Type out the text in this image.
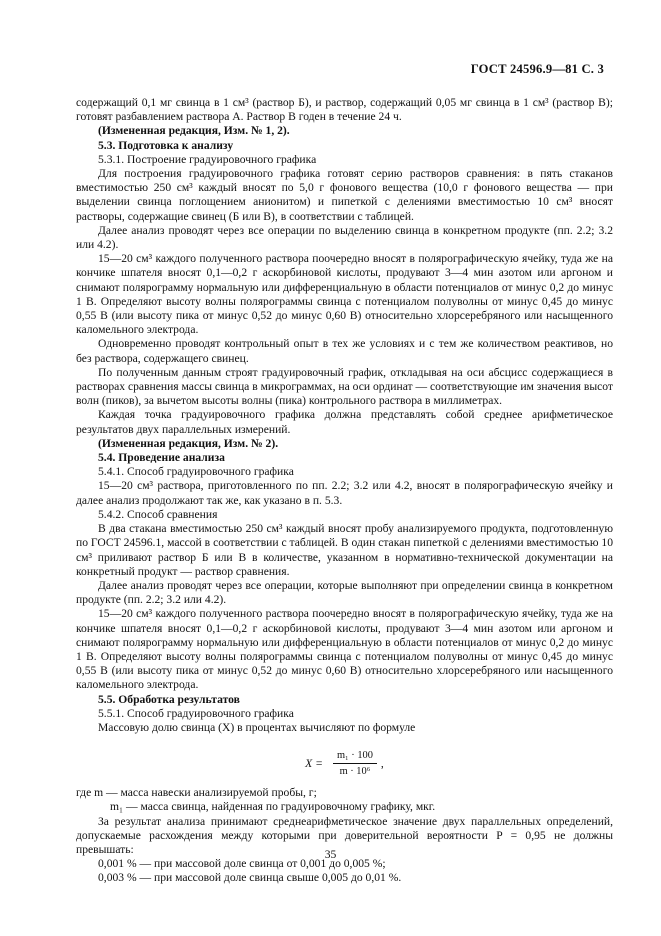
ГОСТ 24596.9—81 С. 3

содержащий 0,1 мг свинца в 1 см³ (раствор Б), и раствор, содержащий 0,05 мг свинца в 1 см³ (раствор В); готовят разбавлением раствора А. Раствор В годен в течение 24 ч.

(Измененная редакция, Изм. № 1, 2).

5.3. Подготовка к анализу

5.3.1. Построение градуировочного графика

Для построения градуировочного графика готовят серию растворов сравнения: в пять стаканов вместимостью 250 см³ каждый вносят по 5,0 г фонового вещества (10,0 г фонового вещества — при выделении свинца поглощением анионитом) и пипеткой с делениями вместимостью 10 см³ вносят растворы, содержащие свинец (Б или В), в соответствии с таблицей.

Далее анализ проводят через все операции по выделению свинца в конкретном продукте (пп. 2.2; 3.2 или 4.2).

15—20 см³ каждого полученного раствора поочередно вносят в полярографическую ячейку, туда же на кончике шпателя вносят 0,1—0,2 г аскорбиновой кислоты, продувают 3—4 мин азотом или аргоном и снимают полярограмму нормальную или дифференциальную в области потенциалов от минус 0,2 до минус 1 В. Определяют высоту волны полярограммы свинца с потенциалом полуволны от минус 0,45 до минус 0,55 В (или высоту пика от минус 0,52 до минус 0,60 В) относительно хлорсеребряного или насыщенного каломельного электрода.

Одновременно проводят контрольный опыт в тех же условиях и с тем же количеством реактивов, но без раствора, содержащего свинец.

По полученным данным строят градуировочный график, откладывая на оси абсцисс содержащиеся в растворах сравнения массы свинца в микрограммах, на оси ординат — соответствующие им значения высот волн (пиков), за вычетом высоты волны (пика) контрольного раствора в миллиметрах.

Каждая точка градуировочного графика должна представлять собой среднее арифметическое результатов двух параллельных измерений.

(Измененная редакция, Изм. № 2).

5.4. Проведение анализа

5.4.1. Способ градуировочного графика

15—20 см³ раствора, приготовленного по пп. 2.2; 3.2 или 4.2, вносят в полярографическую ячейку и далее анализ продолжают так же, как указано в п. 5.3.

5.4.2. Способ сравнения

В два стакана вместимостью 250 см³ каждый вносят пробу анализируемого продукта, подготовленную по ГОСТ 24596.1, массой в соответствии с таблицей. В один стакан пипеткой с делениями вместимостью 10 см³ приливают раствор Б или В в количестве, указанном в нормативно-технической документации на конкретный продукт — раствор сравнения.

Далее анализ проводят через все операции, которые выполняют при определении свинца в конкретном продукте (пп. 2.2; 3.2 или 4.2).

15—20 см³ каждого полученного раствора поочередно вносят в полярографическую ячейку, туда же на кончике шпателя вносят 0,1—0,2 г аскорбиновой кислоты, продувают 3—4 мин азотом или аргоном и снимают полярограмму нормальную или дифференциальную в области потенциалов от минус 0,2 до минус 1 В. Определяют высоту волны полярограммы свинца с потенциалом полуволны от минус 0,45 до минус 0,55 В (или высоту пика от минус 0,52 до минус 0,60 В) относительно хлорсеребряного или насыщенного каломельного электрода.

5.5. Обработка результатов

5.5.1. Способ градуировочного графика

Массовую долю свинца (X) в процентах вычисляют по формуле

$X = \frac{\text{m₁ · 100}}{\text{m · 10⁶}}$ ,

где m — масса навески анализируемой пробы, г;

m₁ — масса свинца, найденная по градуировочному графику, мкг.

За результат анализа принимают среднеарифметическое значение двух параллельных определений, допускаемые расхождения между которыми при доверительной вероятности P = 0,95 не должны превышать:

0,001 % — при массовой доле свинца от 0,001 до 0,005 %;

0,003 % — при массовой доле свинца свыше 0,005 до 0,01 %.

35
